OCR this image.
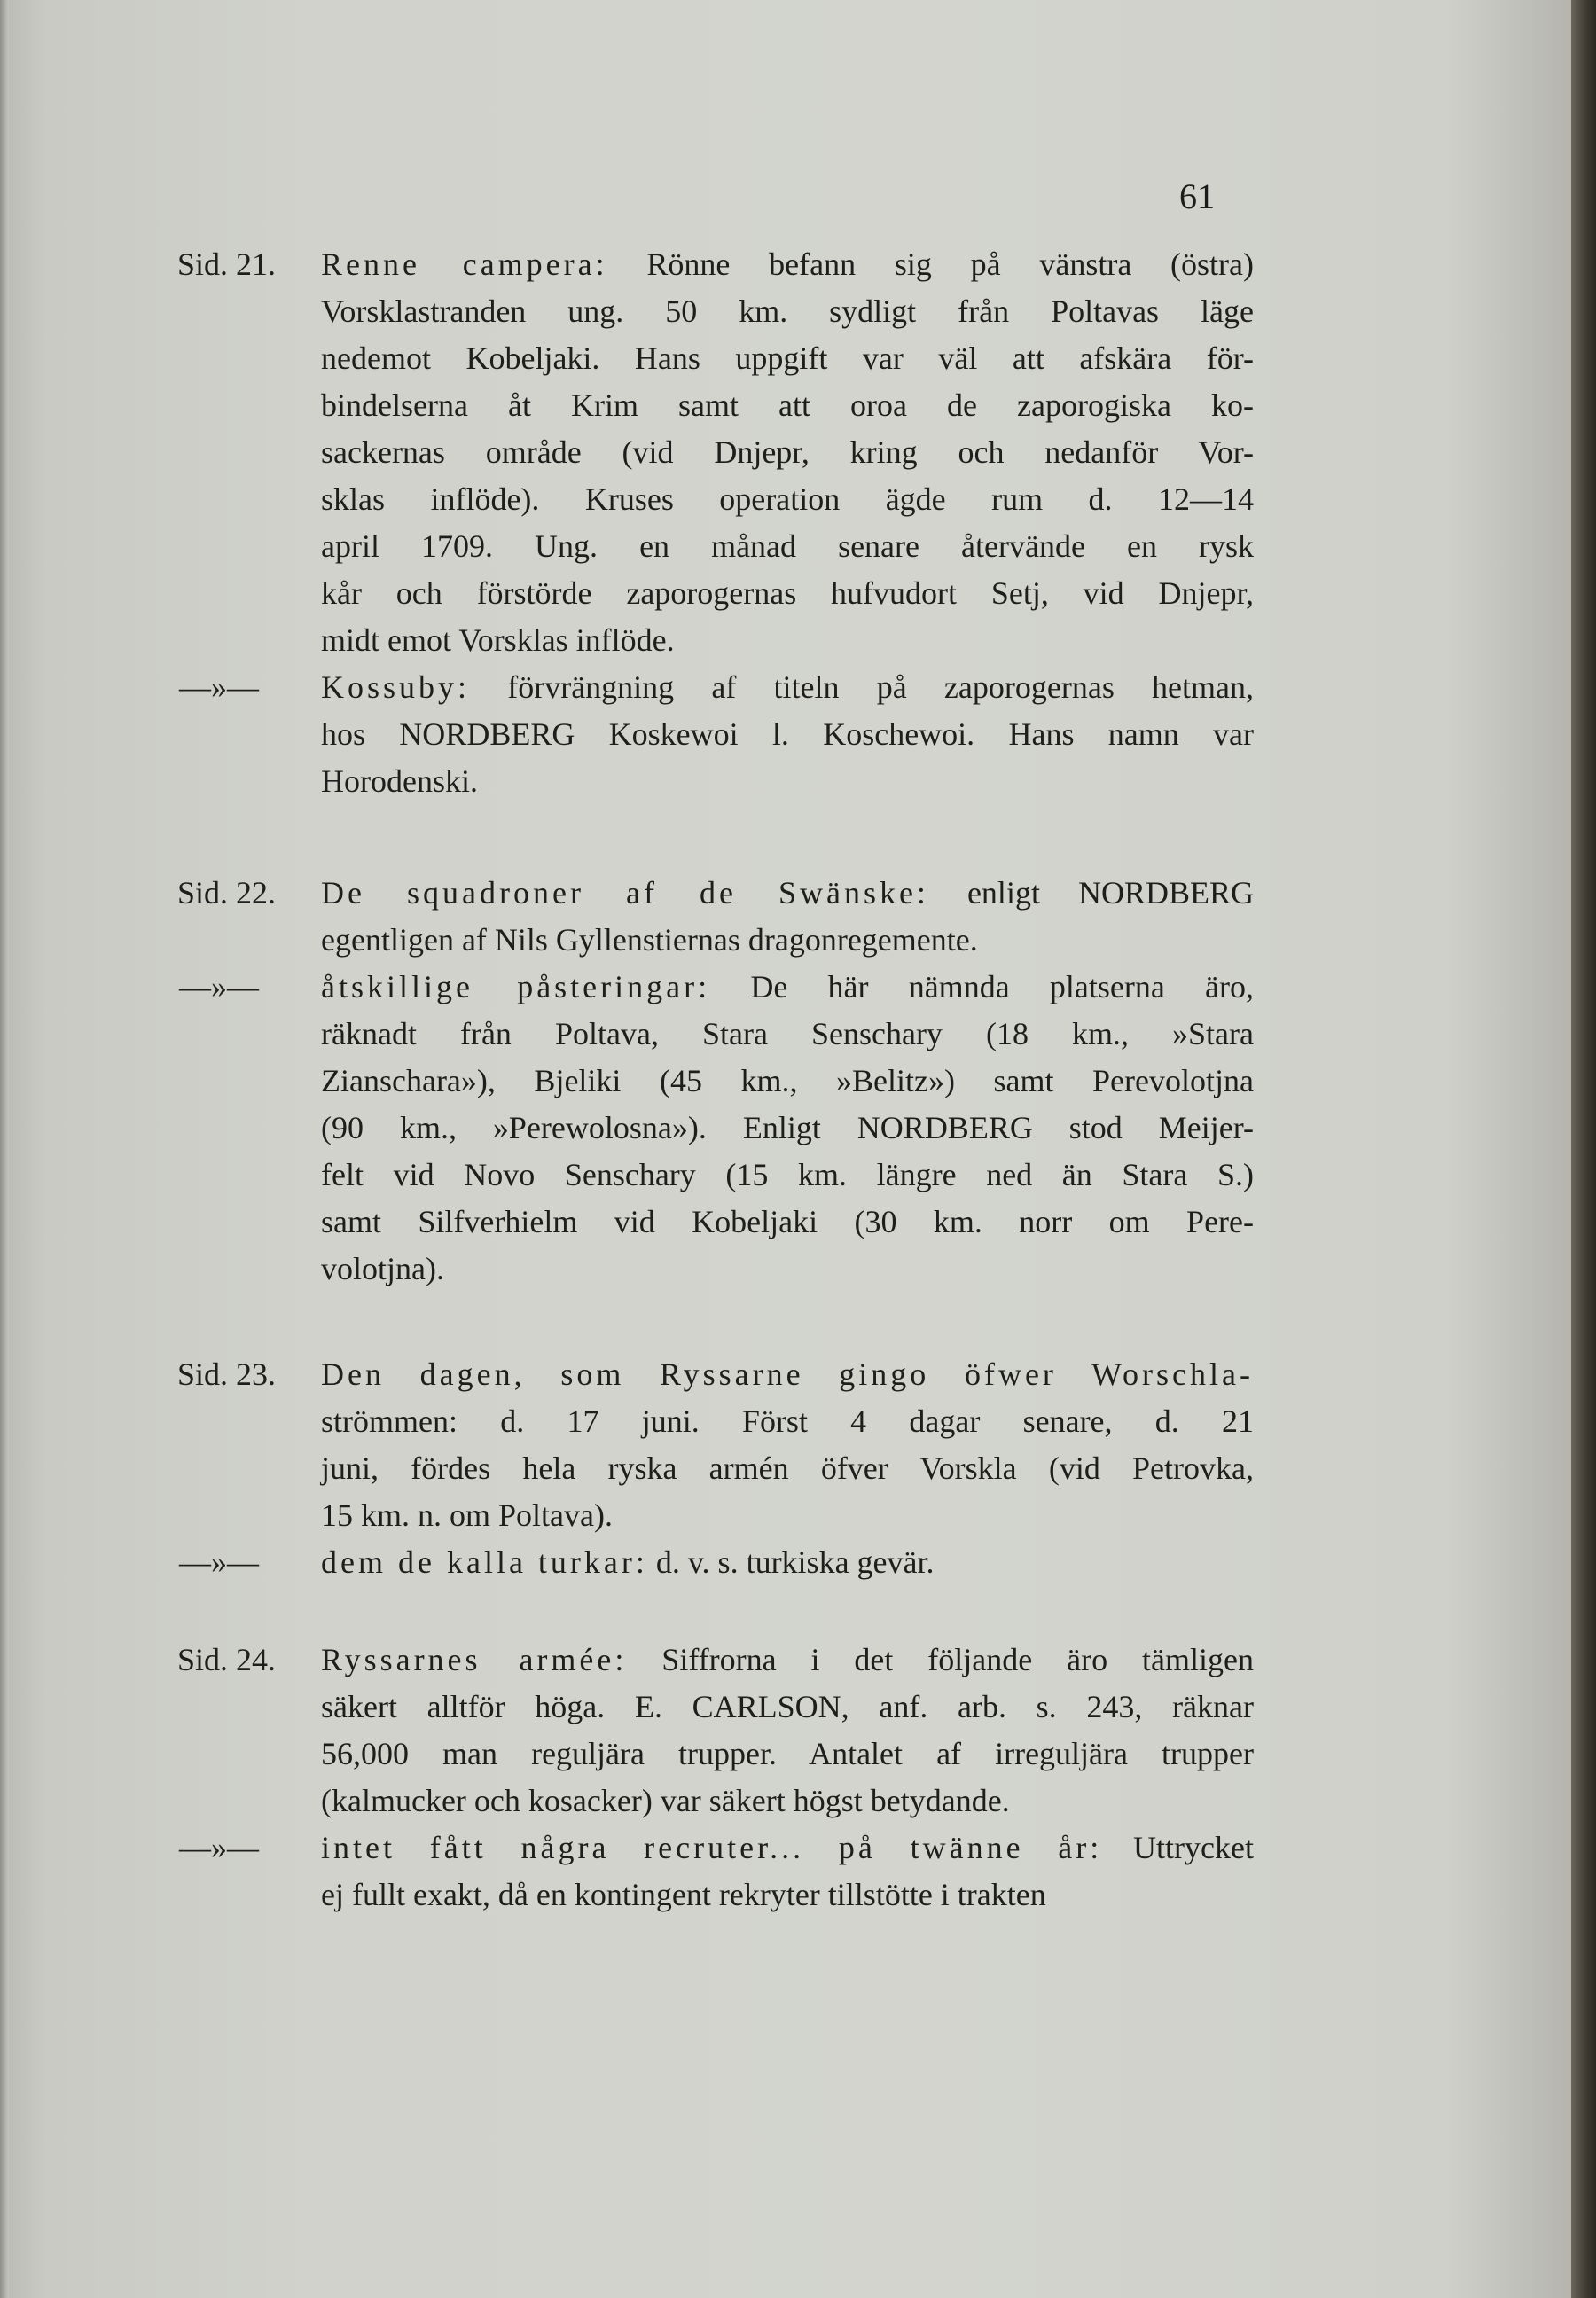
61
Sid. 21.	Renne campera: Rönne befann sig på vänstra (östra)
Vorsklastranden ung. 50 km. sydligt från Poltavas läge
nedemot Kobeljaki. Hans uppgift var väl att afskära för-
bindelserna åt Krim samt att oroa de zaporogiska ko-
sackernas område (vid Dnjepr, kring och nedanför Vor-
sklas inflöde). Kruses operation ägde rum d. 12—14
april 1709. Ung. en månad senare återvände en rysk
kår och förstörde zaporogernas hufvudort Setj, vid Dnjepr,
midt emot Vorsklas inflöde.
—»—	Kossuby: förvrängning af titeln på zaporogernas hetman,
hos NORDBERG Koskewoi l. Koschewoi. Hans namn var
Horodenski.
Sid. 22.	De squadroner af de Swänske: enligt NORDBERG
egentligen af Nils Gyllenstiernas dragonregemente.
—»—	åtskillige påsteringar: De här nämnda platserna äro,
räknadt från Poltava, Stara Senschary (18 km., »Stara
Zianschara»), Bjeliki (45 km., »Belitz») samt Perevolotjna
(90 km., »Perewolosna»). Enligt NORDBERG stod Meijer-
felt vid Novo Senschary (15 km. längre ned än Stara S.)
samt Silfverhielm vid Kobeljaki (30 km. norr om Pere-
volotjna).
Sid. 23.	Den dagen, som Ryssarne gingo öfwer Worschla-
strömmen: d. 17 juni. Först 4 dagar senare, d. 21
juni, fördes hela ryska armén öfver Vorskla (vid Petrovka,
15 km. n. om Poltava).
—»—	dem de kalla turkar: d. v. s. turkiska gevär.
Sid. 24.	Ryssarnes armée: Siffrorna i det följande äro tämligen
säkert alltför höga. E. CARLSON, anf. arb. s. 243, räknar
56,000 man reguljära trupper. Antalet af irreguljära trupper
(kalmucker och kosacker) var säkert högst betydande.
—»—	intet fått några recruter... på twänne år: Uttrycket
ej fullt exakt, då en kontingent rekryter tillstötte i trakten
